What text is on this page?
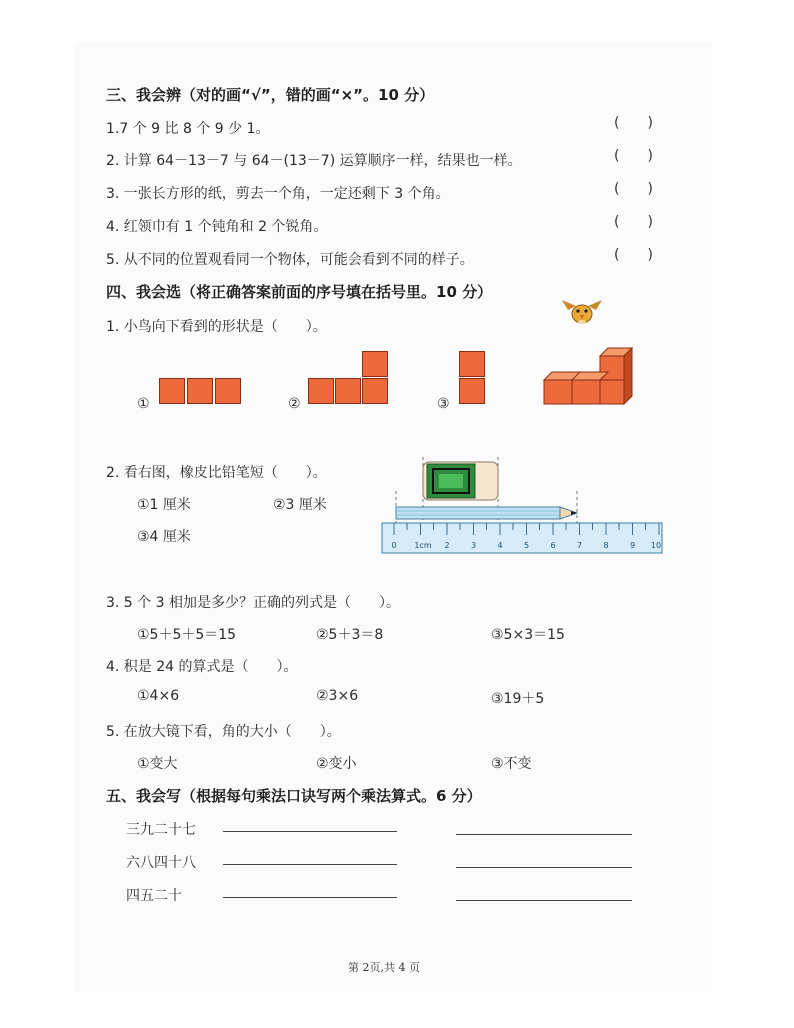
三、我会辨（对的画“√”，错的画“×”。10 分）
1.7 个 9 比 8 个 9 少 1。	(　　)
2. 计算 64－13－7 与 64－(13－7) 运算顺序一样，结果也一样。	(　　)
3. 一张长方形的纸，剪去一个角，一定还剩下 3 个角。	(　　)
4. 红领巾有 1 个钝角和 2 个锐角。	(　　)
5. 从不同的位置观看同一个物体，可能会看到不同的样子。	(　　)
四、我会选（将正确答案前面的序号填在括号里。10 分）
1. 小鸟向下看到的形状是（　　）。
①	②	③
2. 看右图，橡皮比铅笔短（　　）。
①1 厘米	②3 厘米
③4 厘米
0 1cm 2	3	4	5	6	7	8	9 10
3. 5 个 3 相加是多少？正确的列式是（　　）。
①5＋5＋5＝15	②5＋3＝8	③5×3＝15
4. 积是 24 的算式是（　　）。
①4×6	②3×6	③19＋5
5. 在放大镜下看，角的大小（　　）。
①变大	②变小	③不变
五、我会写（根据每句乘法口诀写两个乘法算式。6 分）
三九二十七
六八四十八
四五二十
第 2页,共 4 页
